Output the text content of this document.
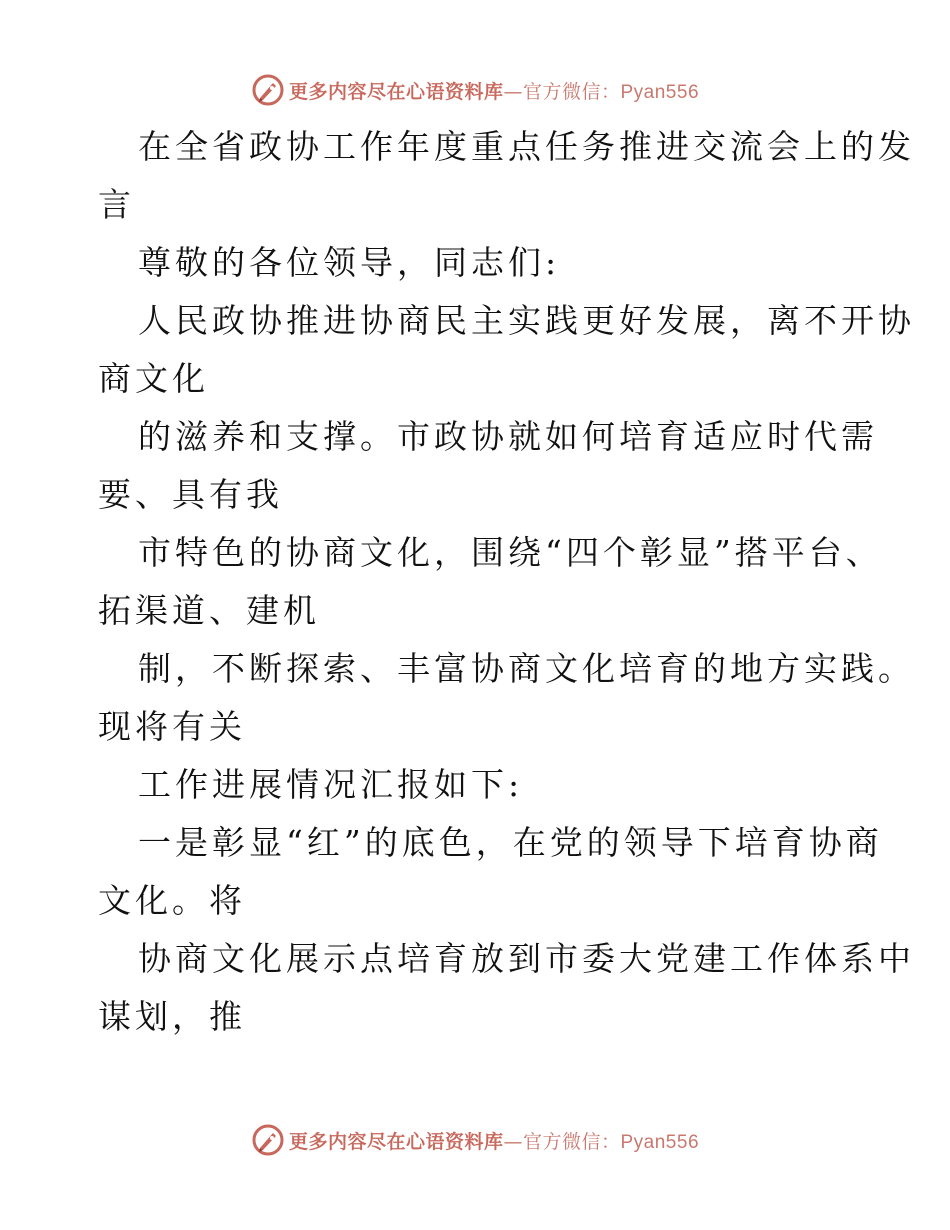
更多内容尽在心语资料库—官方微信：Pyan556

在全省政协工作年度重点任务推进交流会上的发

言

尊敬的各位领导，同志们:

人民政协推进协商民主实践更好发展，离不开协

商文化

的滋养和支撑。市政协就如何培育适应时代需

要、具有我

市特色的协商文化，围绕“四个彰显”搭平台、

拓渠道、建机

制，不断探索、丰富协商文化培育的地方实践。

现将有关

工作进展情况汇报如下:

一是彰显“红”的底色，在党的领导下培育协商

文化。将

协商文化展示点培育放到市委大党建工作体系中

谋划，推

更多内容尽在心语资料库—官方微信：Pyan556
